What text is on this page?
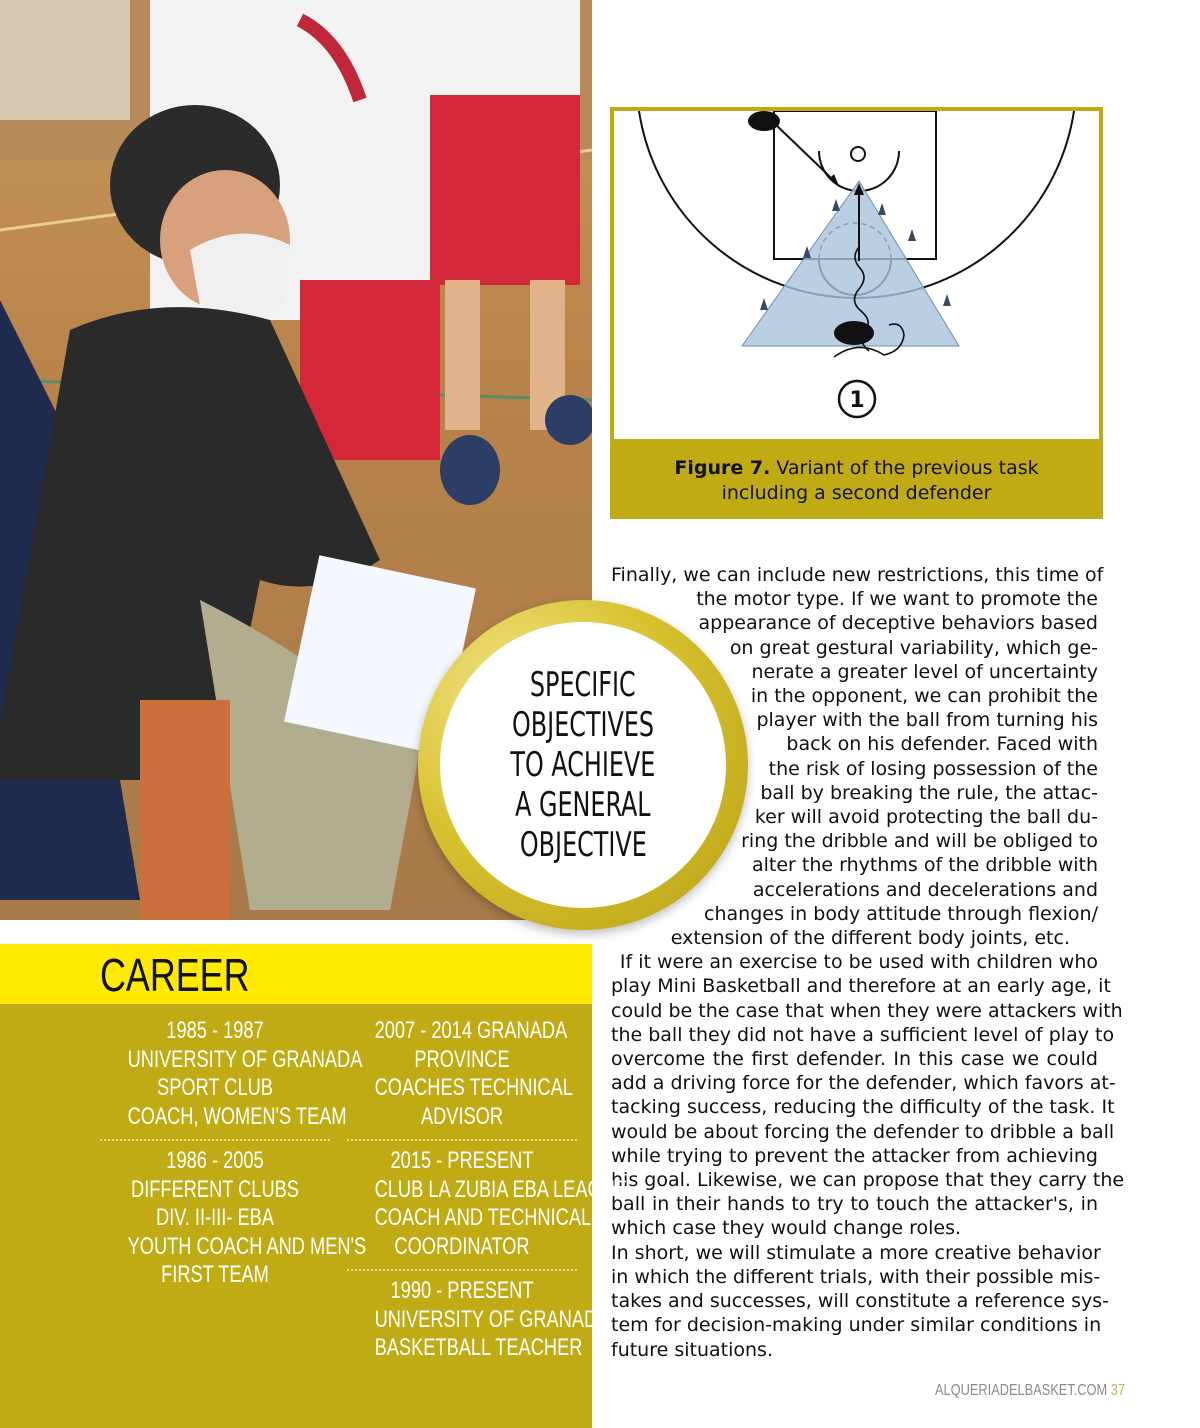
1
Figure 7. Variant of the previous task
including a second defender
SPECIFIC
OBJECTIVES
TO ACHIEVE
A GENERAL
OBJECTIVE

Finally, we can include new restrictions, this time of

the motor type. If we want to promote the

appearance of deceptive behaviors based

on great gestural variability, which ge-

nerate a greater level of uncertainty

in the opponent, we can prohibit the

player with the ball from turning his

back on his defender. Faced with

the risk of losing possession of the

ball by breaking the rule, the attac-

ker will avoid protecting the ball du-

ring the dribble and will be obliged to

alter the rhythms of the dribble with

accelerations and decelerations and

changes in body attitude through flexion/

extension of the different body joints, etc.

If it were an exercise to be used with children who

play Mini Basketball and therefore at an early age, it

could be the case that when they were attackers with

the ball they did not have a sufficient level of play to

overcome the first defender. In this case we could

add a driving force for the defender, which favors at-

tacking success, reducing the difficulty of the task. It

would be about forcing the defender to dribble a ball

while trying to prevent the attacker from achieving

his goal. Likewise, we can propose that they carry the

ball in their hands to try to touch the attacker's, in

which case they would change roles.

In short, we will stimulate a more creative behavior

in which the different trials, with their possible mis-

takes and successes, will constitute a reference sys-

tem for decision-making under similar conditions in

future situations.

CAREER
1985 - 1987
UNIVERSITY OF GRANADA
SPORT CLUB
COACH, WOMEN'S TEAM
1986 - 2005
DIFFERENT CLUBS
DIV. II-III- EBA
YOUTH COACH AND MEN'S
FIRST TEAM
2007 - 2014 GRANADA
PROVINCE
COACHES TECHNICAL
ADVISOR
2015 - PRESENT
CLUB LA ZUBIA EBA LEAGUE
COACH AND TECHNICAL
COORDINATOR
1990 - PRESENT
UNIVERSITY OF GRANADA
BASKETBALL TEACHER
ALQUERIADELBASKET.COM 37
